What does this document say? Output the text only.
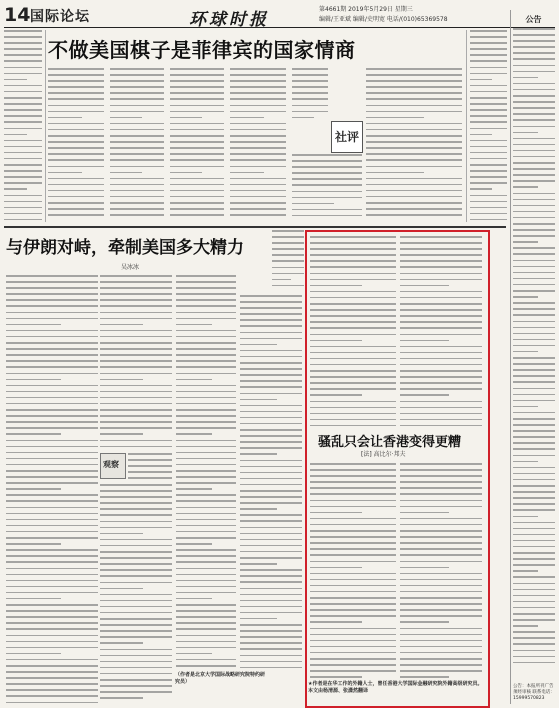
14 国际论坛	环球时报
第4661期 2019年5月29日 星期三
编辑/王亚斌 编辑/史明宽 电话/(010)65369578	公告
公告：本报所刊广告须经审核 联系电话：15999570823
不做美国棋子是菲律宾的国家情商
社评
与伊朗对峙，牵制美国多大精力
吴冰冰
观察
（作者是北京大学国际战略研究院特约研究员）
骚乱只会让香港变得更糟
[法] 高比尔·邦夫
★作者是在华工作的外籍人士，曾任香港大学国际金融研究院外籍高级研究员。本文由杨清源、张潇然翻译
